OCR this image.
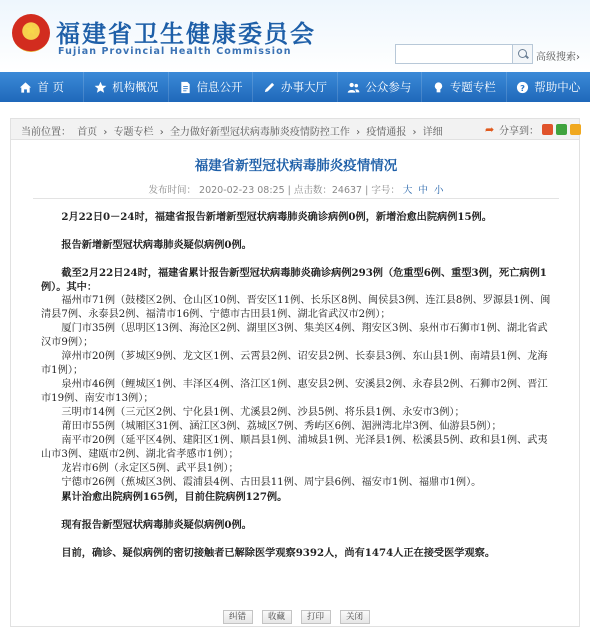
★
福建省卫生健康委员会
Fujian Provincial Health Commission
高级搜索›
首 页	机构概况	信息公开	办事大厅	公众参与	专题专栏	? 帮助中心
当前位置： 首页 › 专题专栏 › 全力做好新型冠状病毒肺炎疫情防控工作 › 疫情通报 › 详细	➦ 分享到：
福建省新型冠状病毒肺炎疫情情况
发布时间： 2020-02-23 08:25 | 点击数：24637 | 字号： 大 中 小
2月22日0－24时，福建省报告新增新型冠状病毒肺炎确诊病例0例，新增治愈出院病例15例。
报告新增新型冠状病毒肺炎疑似病例0例。
截至2月22日24时，福建省累计报告新型冠状病毒肺炎确诊病例293例（危重型6例、重型3例，死亡病例1例）。其中：
福州市71例（鼓楼区2例、仓山区10例、晋安区11例、长乐区8例、闽侯县3例、连江县8例、罗源县1例、闽清县7例、永泰县2例、福清市16例、宁德市古田县1例、湖北省武汉市2例）；
厦门市35例（思明区13例、海沧区2例、湖里区3例、集美区4例、翔安区3例、泉州市石狮市1例、湖北省武汉市9例）；
漳州市20例（芗城区9例、龙文区1例、云霄县2例、诏安县2例、长泰县3例、东山县1例、南靖县1例、龙海市1例）；
泉州市46例（鲤城区1例、丰泽区4例、洛江区1例、惠安县2例、安溪县2例、永春县2例、石狮市2例、晋江市19例、南安市13例）；
三明市14例（三元区2例、宁化县1例、尤溪县2例、沙县5例、将乐县1例、永安市3例）；
莆田市55例（城厢区31例、涵江区3例、荔城区7例、秀屿区6例、湄洲湾北岸3例、仙游县5例）；
南平市20例（延平区4例、建阳区1例、顺昌县1例、浦城县1例、光泽县1例、松溪县5例、政和县1例、武夷山市3例、建瓯市2例、湖北省孝感市1例）；
龙岩市6例（永定区5例、武平县1例）；
宁德市26例（蕉城区3例、霞浦县4例、古田县11例、周宁县6例、福安市1例、福鼎市1例）。
累计治愈出院病例165例，目前住院病例127例。
现有报告新型冠状病毒肺炎疑似病例0例。
目前，确诊、疑似病例的密切接触者已解除医学观察9392人，尚有1474人正在接受医学观察。
纠错	收藏	打印	关闭
